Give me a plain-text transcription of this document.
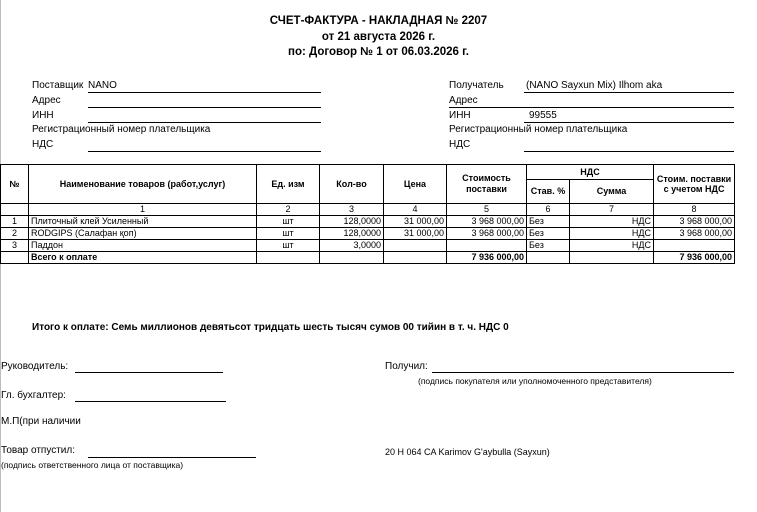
СЧЕТ-ФАКТУРА - НАКЛАДНАЯ № 2207
от 21 августа 2026 г.
по: Договор № 1 от 06.03.2026 г.
Поставщик NANO
Адрес
ИНН
Регистрационный номер плательщика
НДС
Получатель (NANO Sayxun Mix) Ilhom aka
Адрес
ИНН	99555
Регистрационный номер плательщика
НДС
№	Наименование товаров (работ,услуг)	Ед. изм	Кол-во	Цена	Стоимость поставки	НДС		Стоим. поставки с учетом НДС
						Став. %	Сумма	
	1	2	3	4	5	6	7	8
1	Плиточный клей Усиленный	шт	128,0000	31 000,00	3 968 000,00	Без	НДС	3 968 000,00
2	RODGIPS (Салафан қоп)	шт	128,0000	31 000,00	3 968 000,00	Без	НДС	3 968 000,00
3	Паддон	шт	3,0000			Без	НДС	
	Всего к оплате				7 936 000,00			7 936 000,00
Итого к оплате: Семь миллионов девятьсот тридцать шесть тысяч сумов 00 тийин в т. ч. НДС 0
Руководитель:
Гл. бухгалтер:
М.П(при наличии
Товар отпустил:
(подпись ответственного лица от поставщика)
Получил:
(подпись покупателя или уполномоченного представителя)
20 H 064 CA Karimov G'aybulla (Sayxun)
